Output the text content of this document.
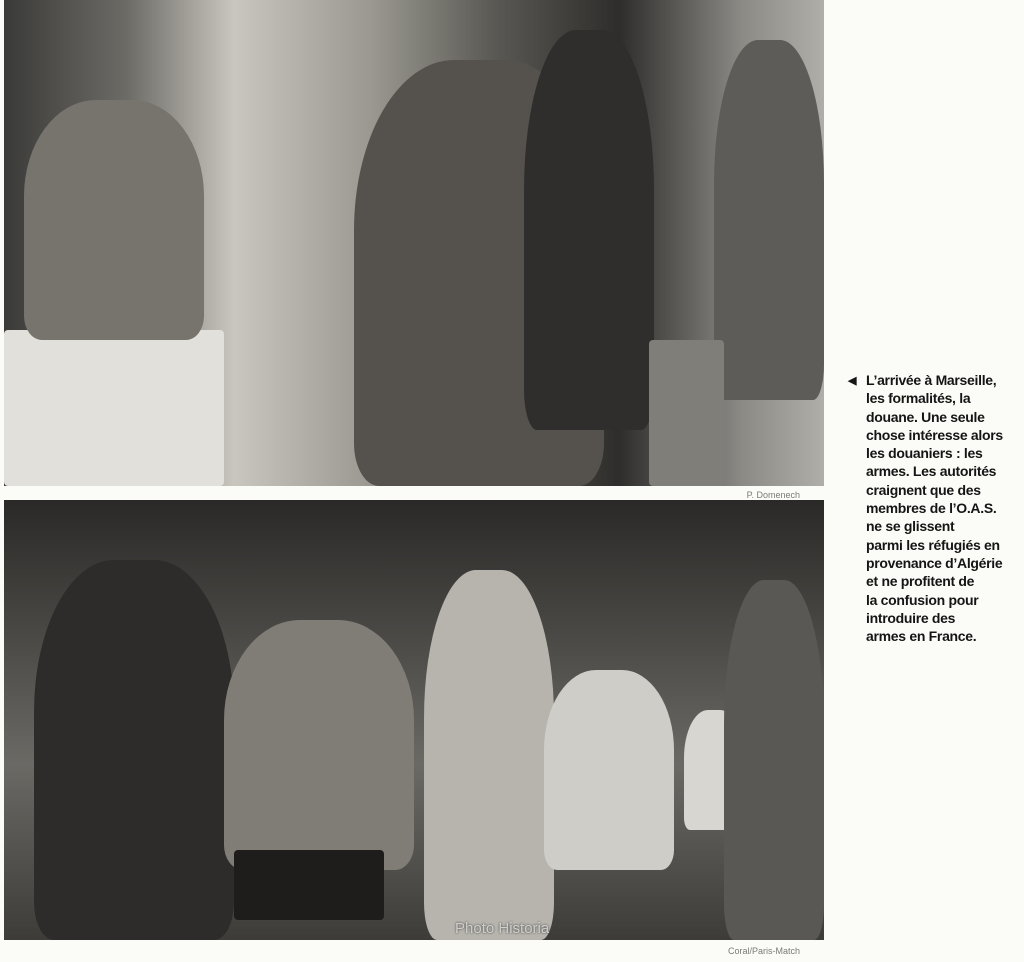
P. Domenech
Photo Historia
Coral/Paris-Match
◀ L’arrivée à Marseille,
les formalités, la
douane. Une seule
chose intéresse alors
les douaniers : les
armes. Les autorités
craignent que des
membres de l’O.A.S.
ne se glissent
parmi les réfugiés en
provenance d’Algérie
et ne profitent de
la confusion pour
introduire des
armes en France.
